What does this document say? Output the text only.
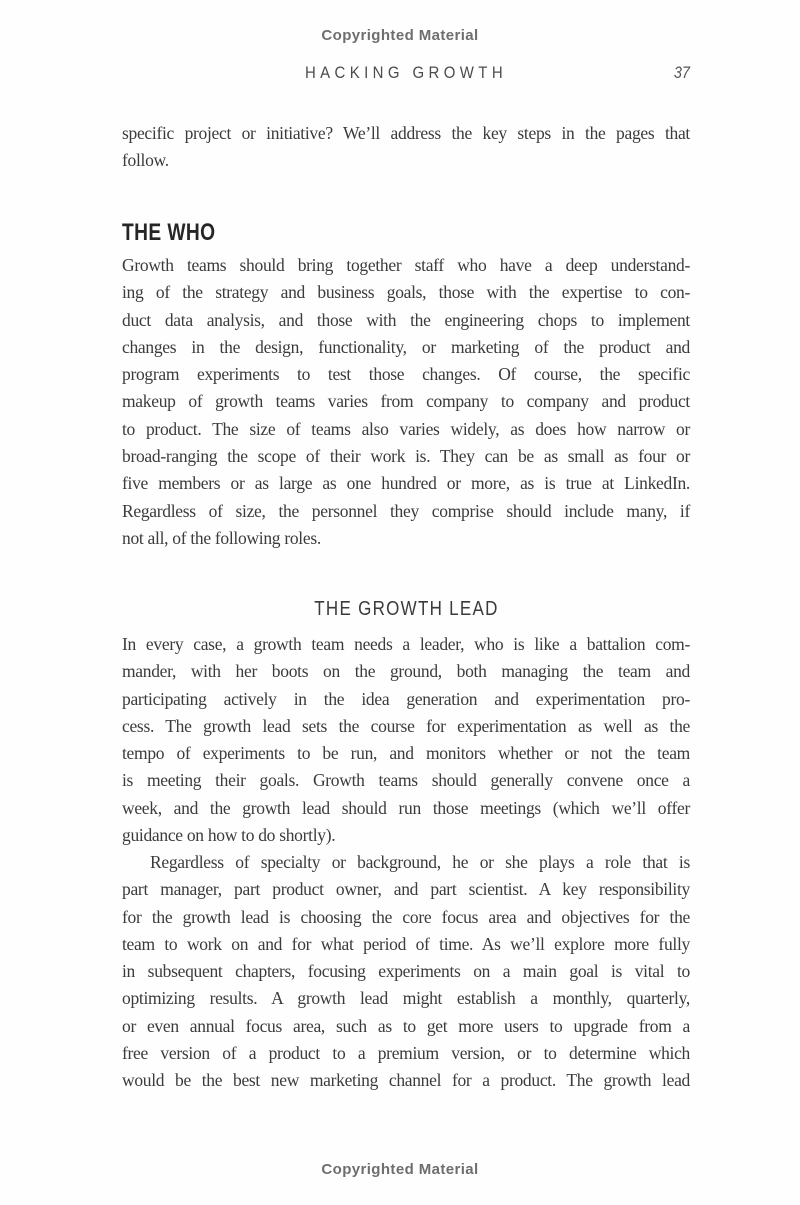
Copyrighted Material
HACKING GROWTH	37
specific project or initiative? We’ll address the key steps in the pages that
follow.
THE WHO
Growth teams should bring together staff who have a deep understand-
ing of the strategy and business goals, those with the expertise to con-
duct data analysis, and those with the engineering chops to implement
changes in the design, functionality, or marketing of the product and
program experiments to test those changes. Of course, the specific
makeup of growth teams varies from company to company and product
to product. The size of teams also varies widely, as does how narrow or
broad-ranging the scope of their work is. They can be as small as four or
five members or as large as one hundred or more, as is true at LinkedIn.
Regardless of size, the personnel they comprise should include many, if
not all, of the following roles.
THE GROWTH LEAD
In every case, a growth team needs a leader, who is like a battalion com-
mander, with her boots on the ground, both managing the team and
participating actively in the idea generation and experimentation pro-
cess. The growth lead sets the course for experimentation as well as the
tempo of experiments to be run, and monitors whether or not the team
is meeting their goals. Growth teams should generally convene once a
week, and the growth lead should run those meetings (which we’ll offer
guidance on how to do shortly).
Regardless of specialty or background, he or she plays a role that is
part manager, part product owner, and part scientist. A key responsibility
for the growth lead is choosing the core focus area and objectives for the
team to work on and for what period of time. As we’ll explore more fully
in subsequent chapters, focusing experiments on a main goal is vital to
optimizing results. A growth lead might establish a monthly, quarterly,
or even annual focus area, such as to get more users to upgrade from a
free version of a product to a premium version, or to determine which
would be the best new marketing channel for a product. The growth lead
Copyrighted Material
